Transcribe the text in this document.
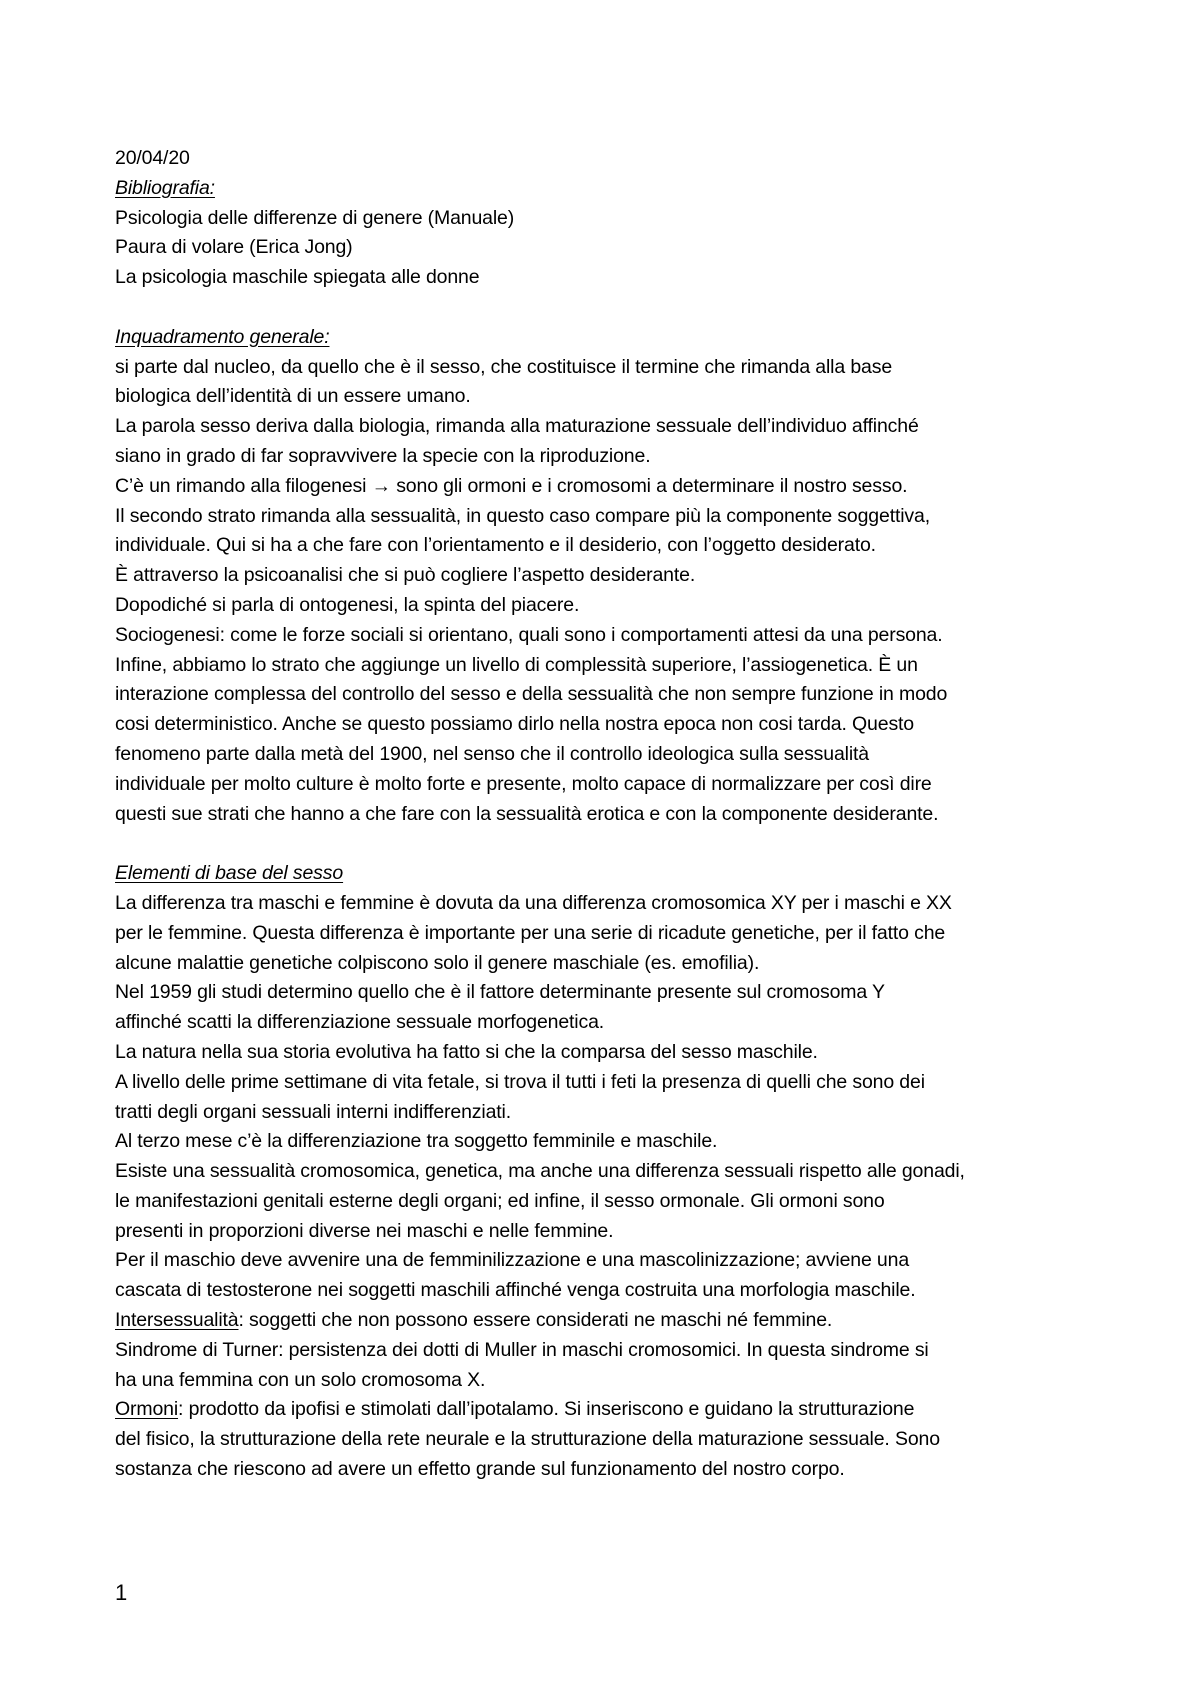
20/04/20
Bibliografia:
Psicologia delle differenze di genere (Manuale)
Paura di volare (Erica Jong)
La psicologia maschile spiegata alle donne
Inquadramento generale:
si parte dal nucleo, da quello che è il sesso, che costituisce il termine che rimanda alla base
biologica dell’identità di un essere umano.
La parola sesso deriva dalla biologia, rimanda alla maturazione sessuale dell’individuo affinché
siano in grado di far sopravvivere la specie con la riproduzione.
C’è un rimando alla filogenesi → sono gli ormoni e i cromosomi a determinare il nostro sesso.
Il secondo strato rimanda alla sessualità, in questo caso compare più la componente soggettiva,
individuale. Qui si ha a che fare con l’orientamento e il desiderio, con l’oggetto desiderato.
È attraverso la psicoanalisi che si può cogliere l’aspetto desiderante.
Dopodiché si parla di ontogenesi, la spinta del piacere.
Sociogenesi: come le forze sociali si orientano, quali sono i comportamenti attesi da una persona.
Infine, abbiamo lo strato che aggiunge un livello di complessità superiore, l’assiogenetica. È un
interazione complessa del controllo del sesso e della sessualità che non sempre funzione in modo
cosi deterministico. Anche se questo possiamo dirlo nella nostra epoca non cosi tarda. Questo
fenomeno parte dalla metà del 1900, nel senso che il controllo ideologica sulla sessualità
individuale per molto culture è molto forte e presente, molto capace di normalizzare per così dire
questi sue strati che hanno a che fare con la sessualità erotica e con la componente desiderante.
Elementi di base del sesso
La differenza tra maschi e femmine è dovuta da una differenza cromosomica XY per i maschi e XX
per le femmine. Questa differenza è importante per una serie di ricadute genetiche, per il fatto che
alcune malattie genetiche colpiscono solo il genere maschiale (es. emofilia).
Nel 1959 gli studi determino quello che è il fattore determinante presente sul cromosoma Y
affinché scatti la differenziazione sessuale morfogenetica.
La natura nella sua storia evolutiva ha fatto si che la comparsa del sesso maschile.
A livello delle prime settimane di vita fetale, si trova il tutti i feti la presenza di quelli che sono dei
tratti degli organi sessuali interni indifferenziati.
Al terzo mese c’è la differenziazione tra soggetto femminile e maschile.
Esiste una sessualità cromosomica, genetica, ma anche una differenza sessuali rispetto alle gonadi,
le manifestazioni genitali esterne degli organi; ed infine, il sesso ormonale. Gli ormoni sono
presenti in proporzioni diverse nei maschi e nelle femmine.
Per il maschio deve avvenire una de femminilizzazione e una mascolinizzazione; avviene una
cascata di testosterone nei soggetti maschili affinché venga costruita una morfologia maschile.
Intersessualità: soggetti che non possono essere considerati ne maschi né femmine.
Sindrome di Turner: persistenza dei dotti di Muller in maschi cromosomici. In questa sindrome si
ha una femmina con un solo cromosoma X.
Ormoni: prodotto da ipofisi e stimolati dall’ipotalamo. Si inseriscono e guidano la strutturazione
del fisico, la strutturazione della rete neurale e la strutturazione della maturazione sessuale. Sono
sostanza che riescono ad avere un effetto grande sul funzionamento del nostro corpo.
1
